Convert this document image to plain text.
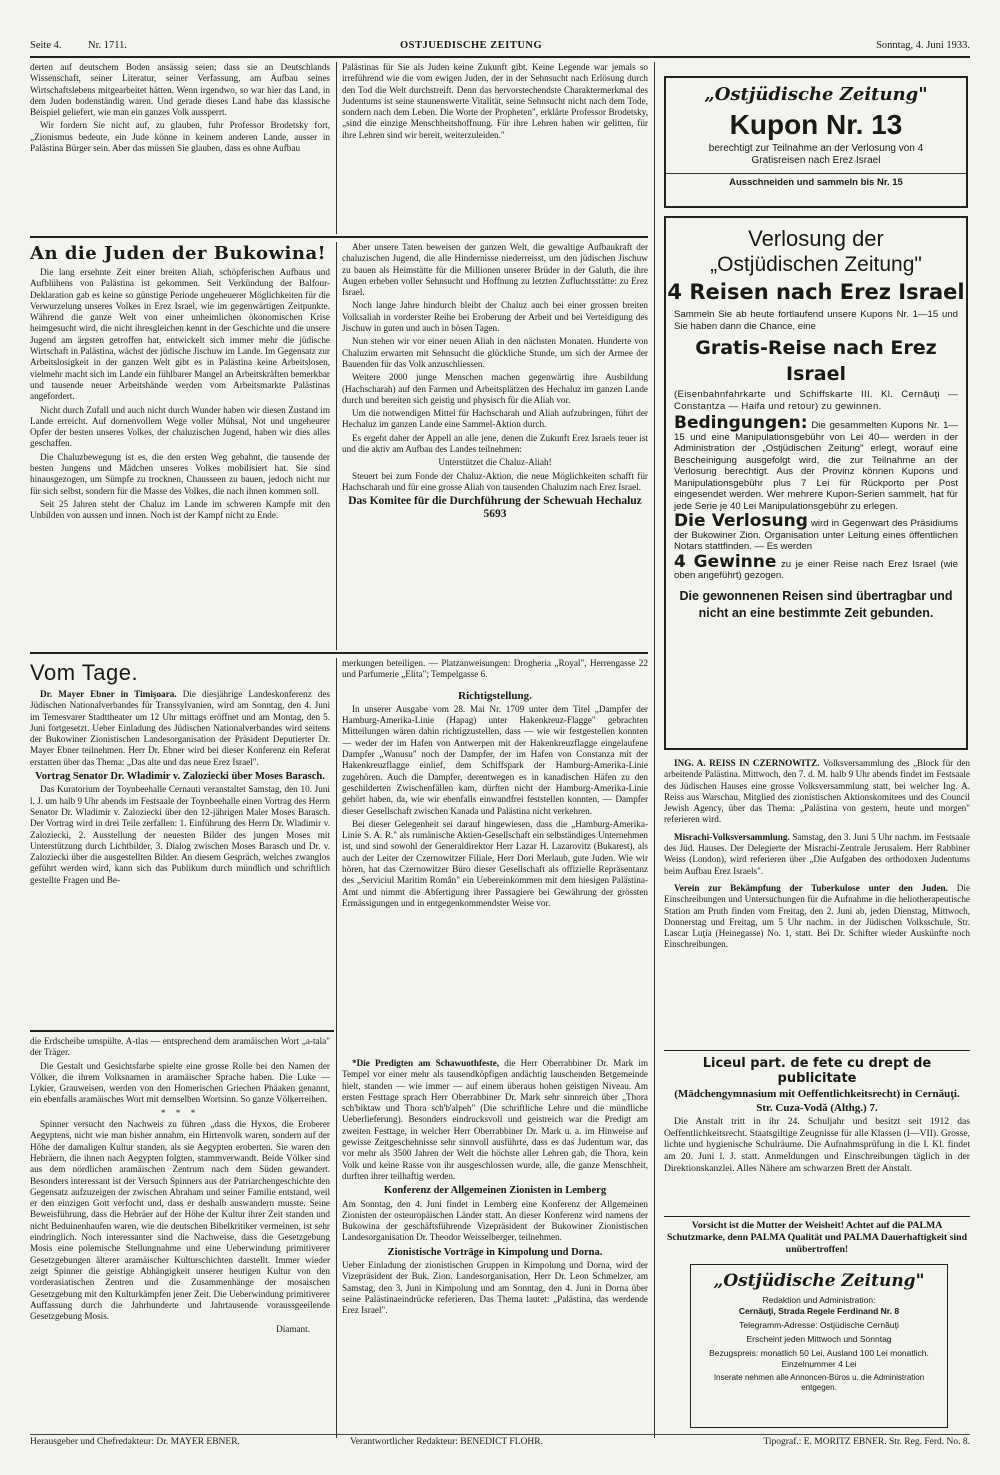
Seite 4.	Nr. 1711.	OSTJUEDISCHE ZEITUNG	Sonntag, 4. Juni 1933.

derten auf deutschem Boden ansässig seien; dass sie an Deutschlands Wissenschaft, seiner Literatur, seiner Verfassung, am Aufbau seines Wirtschaftslebens mitgearbeitet hätten. Wenn irgendwo, so war hier das Land, in dem Juden bodenständig waren. Und gerade dieses Land habe das klassische Beispiel geliefert, wie man ein ganzes Volk aussperrt.

Wir fordern Sie nicht auf, zu glauben, fuhr Professor Brodetsky fort, „Zionismus bedeute, ein Jude könne in keinem anderen Lande, ausser in Palästina Bürger sein. Aber das müssen Sie glauben, dass es ohne Aufbau

Palästinas für Sie als Juden keine Zukunft gibt. Keine Legende war jemals so irreführend wie die vom ewigen Juden, der in der Sehnsucht nach Erlösung durch den Tod die Welt durchstreift. Denn das hervorstechendste Charaktermerkmal des Judentums ist seine staunenswerte Vitalität, seine Sehnsucht nicht nach dem Tode, sondern nach dem Leben. Die Worte der Propheten", erklärte Professor Brodetsky, „sind die einzige Menschheitshoffnung. Für ihre Lehren haben wir gelitten, für ihre Lehren sind wir bereit, weiterzuleiden."

An die Juden der Bukowina!

Die lang ersehnte Zeit einer breiten Aliah, schöpferischen Aufbaus und Aufblühens von Palästina ist gekommen. Seit Verkündung der Balfour-Deklaration gab es keine so günstige Periode ungeheuerer Möglichkeiten für die Verwurzelung unseres Volkes in Erez Israel, wie im gegenwärtigen Zeitpunkte. Während die ganze Welt von einer unheimlichen ökonomischen Krise heimgesucht wird, die nicht ihresgleichen kennt in der Geschichte und die unsere Jugend am ärgsten getroffen hat, entwickelt sich immer mehr die jüdische Wirtschaft in Palästina, wächst der jüdische Jischuw im Lande. Im Gegensatz zur Arbeitslosigkeit in der ganzen Welt gibt es in Palästina keine Arbeitslosen, vielmehr macht sich im Lande ein fühlbarer Mangel an Arbeitskräften bemerkbar und tausende neuer Arbeitshände werden vom Arbeitsmarkte Palästinas angefordert.

Nicht durch Zufall und auch nicht durch Wunder haben wir diesen Zustand im Lande erreicht. Auf dornenvollem Wege voller Mühsal, Not und ungeheurer Opfer der besten unseres Volkes, der chaluzischen Jugend, haben wir dies alles geschaffen.

Die Chaluzbewegung ist es, die den ersten Weg gebahnt, die tausende der besten Jungens und Mädchen unseres Volkes mobilisiert hat. Sie sind hinausgezogen, um Sümpfe zu trocknen, Chausseen zu bauen, jedoch nicht nur für sich selbst, sondern für die Masse des Volkes, die nach ihnen kommen soll.

Seit 25 Jahren steht der Chaluz im Lande im schweren Kampfe mit den Unbilden von aussen und innen. Noch ist der Kampf nicht zu Ende.

Aber unsere Taten beweisen der ganzen Welt, die gewaltige Aufbaukraft der chaluzischen Jugend, die alle Hindernisse niederreisst, um den jüdischen Jischuw zu bauen als Heimstätte für die Millionen unserer Brüder in der Galuth, die ihre Augen erheben voller Sehnsucht und Hoffnung zu letzten Zufluchtsstätte: zu Erez Israel.

Noch lange Jahre hindurch bleibt der Chaluz auch bei einer grossen breiten Volksaliah in vorderster Reihe bei Eroberung der Arbeit und bei Verteidigung des Jischuw in guten und auch in bösen Tagen.

Nun stehen wir vor einer neuen Aliah in den nächsten Monaten. Hunderte von Chaluzim erwarten mit Sehnsucht die glückliche Stunde, um sich der Armee der Bauenden für das Volk anzuschliessen.

Weitere 2000 junge Menschen machen gegenwärtig ihre Ausbildung (Hachscharah) auf den Farmen und Arbeitsplätzen des Hechaluz im ganzen Lande durch und bereiten sich geistig und physisch für die Aliah vor.

Um die notwendigen Mittel für Hachscharah und Aliah aufzubringen, führt der Hechaluz im ganzen Lande eine Sammel-Aktion durch.

Es ergeht daher der Appell an alle jene, denen die Zukunft Erez Israels teuer ist und die aktiv am Aufbau des Landes teilnehmen:

Unterstützet die Chaluz-Aliah!

Steuert bei zum Fonde der Chaluz-Aktion, die neue Möglichkeiten schafft für Hachscharah und für eine grosse Aliah von tausenden Chaluzim nach Erez Israel.

Das Komitee für die Durchführung der Schewuah Hechaluz 5693
Vom Tage.

Dr. Mayer Ebner in Timişoara. Die diesjährige Landeskonferenz des Jüdischen Nationalverbandes für Transsylvanien, wird am Sonntag, den 4. Juni im Temesvarer Stadttheater um 12 Uhr mittags eröffnet und am Montag, den 5. Juni fortgesetzt. Ueber Einladung des Jüdischen Nationalverbandes wird seitens der Bukowiner Zionistischen Landesorganisation der Präsident Deputierter Dr. Mayer Ebner teilnehmen. Herr Dr. Ebner wird bei dieser Konferenz ein Referat erstatten über das Thema: „Das alte und das neue Erez Israel".

Vortrag Senator Dr. Wladimir v. Zaloziecki über Moses Barasch.

Das Kuratorium der Toynbeehalle Cernauti veranstaltet Samstag, den 10. Juni l. J. um halb 9 Uhr abends im Festsaale der Toynbeehalle einen Vortrag des Herrn Senator Dr. Wladimir v. Zaloziecki über den 12-jährigen Maler Moses Barasch. Der Vortrag wird in drei Teile zerfallen: 1. Einführung des Herrn Dr. Wladimir v. Zaloziecki, 2. Ausstellung der neuesten Bilder des jungen Moses mit Unterstützung durch Lichtbilder, 3. Dialog zwischen Moses Barasch und Dr. v. Zaloziecki über die ausgestellten Bilder. An diesem Gespräch, welches zwanglos geführt werden wird, kann sich das Publikum durch mündlich und schriftlich gestellte Fragen und Be-

merkungen beteiligen. — Platzanweisungen: Drogheria „Royal", Herrengasse 22 und Parfumerie „Elita"; Tempelgasse 6.

Richtigstellung.

In unserer Ausgabe vom 28. Mai Nr. 1709 unter dem Titel „Dampfer der Hamburg-Amerika-Linie (Hapag) unter Hakenkreuz-Flagge" gebrachten Mitteilungen wären dahin richtigzustellen, dass — wie wir festgestellen konnten — weder der im Hafen von Antwerpen mit der Hakenkreuzflagge eingelaufene Dampfer „Wanusu" noch der Dampfer, der im Hafen von Constanza mit der Hakenkreuzflagge einlief, dem Schiffspark der Hamburg-Amerika-Linie zugehören. Auch die Dampfer, derentwegen es in kanadischen Häfen zu den geschilderten Zwischenfällen kam, dürften nicht der Hamburg-Amerika-Linie gehört haben, da, wie wir ebenfalls einwandfrei feststellen konnten, — Dampfer dieser Gesellschaft zwischen Kanada und Palästina nicht verkehren.

Bei dieser Gelegenheit sei darauf hingewiesen, dass die „Hamburg-Amerika-Linie S. A. R." als rumänische Aktien-Gesellschaft ein selbständiges Unternehmen ist, und sind sowohl der Generaldirektor Herr Lazar H. Lazarovitz (Bukarest), als auch der Leiter der Czernowitzer Filiale, Herr Dori Merlaub, gute Juden. Wie wir hören, hat das Czernowitzer Büro dieser Gesellschaft als offizielle Repräsentanz des „Serviciul Maritim Român" ein Uebereinkommen mit dem hiesigen Palästina-Amt und nimmt die Abfertigung ihrer Passagiere bei Gewährung der grössten Ermässigungen und in entgegenkommendster Weise vor.

die Erdscheibe umspülte. A-tlas — entsprechend dem aramäischen Wort „a-tala" der Träger.

Die Gestalt und Gesichtsfarbe spielte eine grosse Rolle bei den Namen der Völker, die ihrem Volksnamen in aramäischer Sprache haben. Die Luke — Lykier, Grauweisen, werden von den Homerischen Griechen Phäaken genannt, ein ebenfalls aramäisches Wort mit demselben Wortsinn. So ganze Völkerreihen.

* * *

Spinner versucht den Nachweis zu führen „dass die Hyxos, die Eroberer Aegyptens, nicht wie man bisher annahm, ein Hirtenvolk waren, sondern auf der Höhe der damaligen Kultur standen, als sie Aegypten eroberten. Sie waren den Hebräern, die ihnen nach Aegypten folgten, stammverwandt. Beide Völker sind aus dem nördlichen aramäischen Zentrum nach dem Süden gewandert. Besonders interessant ist der Versuch Spinners aus der Patriarchengeschichte den Gegensatz aufzuzeigen der zwischen Abraham und seiner Familie entstand, weil er den einzigen Gott verfocht und, dass er deshalb auswandern musste. Seine Beweisführung, dass die Hebräer auf der Höhe der Kultur ihrer Zeit standen und nicht Beduinenhaufen waren, wie die deutschen Bibelkritiker vermeinen, ist sehr eindringlich. Noch interessanter sind die Nachweise, dass die Gesetzgebung Mosis eine polemische Stellungnahme und eine Ueberwindung primitiverer Gesetzgebungen älterer aramäischer Kulturschichten darstellt. Immer wieder zeigt Spinner die geistige Abhängigkeit unserer heutigen Kultur von den vorderasiatischen Zentren und die Zusammenhänge der mosaischen Gesetzgebung mit den Kulturkämpfen jener Zeit. Die Ueberwindung primitiverer Auffassung durch die Jahrhunderte und Jahrtausende voraussgeeilende Gesetzgebung Mosis.

Diamant.

*Die Predigten am Schawuothfeste, die Herr Oberrabbiner Dr. Mark im Tempel vor einer mehr als tausendköpfigen andächtig lauschenden Betgemeinde hielt, standen — wie immer — auf einem überaus hohen geistigen Niveau. Am ersten Festtage sprach Herr Oberrabbiner Dr. Mark sehr sinnreich über „Thora sch'biktaw und Thora sch'b'alpeh" (Die schriftliche Lehre und die mündliche Ueberlieferung). Besonders eindrucksvoll und geistreich war die Predigt am zweiten Festtage, in welcher Herr Oberrabbiner Dr. Mark u. a. im Hinweise auf gewisse Zeitgeschehnisse sehr sinnvoll ausführte, dass es das Judentum war, das vor mehr als 3500 Jahren der Welt die höchste aller Lehren gab, die Thora, kein Volk und keine Rasse von ihr ausgeschlossen wurde, alle, die ganze Menschheit, durften ihrer teilhaftig werden.

Konferenz der Allgemeinen Zionisten in Lemberg

Am Sonntag, den 4. Juni findet in Lemberg eine Konferenz der Allgemeinen Zionisten der osteuropäischen Länder statt. An dieser Konferenz wird namens der Bukowina der geschäftsführende Vizepräsident der Bukowiner Zionistischen Landesorganisation Dr. Theodor Weisselberger, teilnehmen.

Zionistische Vorträge in Kimpolung und Dorna.

Ueber Einladung der zionistischen Gruppen in Kimpolung und Dorna, wird der Vizepräsident der Buk. Zion. Landesorganisation, Herr Dr. Leon Schmelzer, am Samstag, den 3. Juni in Kimpolung und am Sonntag, den 4. Juni in Dorna über seine Palästinaeindrücke referieren. Das Thema lautet: „Palästina, das werdende Erez Israel".

„Ostjüdische Zeitung"
Kupon Nr. 13
berechtigt zur Teilnahme an der Verlosung von 4 Gratisreisen nach Erez Israel
Ausschneiden und sammeln bis Nr. 15
Verlosung der
„Ostjüdischen Zeitung"
4 Reisen nach Erez Israel
Sammeln Sie ab heute fortlaufend unsere Kupons Nr. 1—15 und Sie haben dann die Chance, eine
Gratis-Reise nach Erez Israel
(Eisenbahnfahrkarte und Schiffskarte III. Kl. Cernăuţi — Constantza — Haifa und retour) zu gewinnen.
Bedingungen: Die gesammelten Kupons Nr. 1—15 und eine Manipulationsgebühr von Lei 40— werden in der Administration der „Ostjüdischen Zeitung" erlegt, worauf eine Bescheinigung ausgefolgt wird, die zur Teilnahme an der Verlosung berechtigt. Aus der Provinz können Kupons und Manipulationsgebühr plus 7 Lei für Rückporto per Post eingesendet werden. Wer mehrere Kupon-Serien sammelt, hat für jede Serie je 40 Lei Manipulationsgebühr zu erlegen.
Die Verlosung wird in Gegenwart des Präsidiums der Bukowiner Zion. Organisation unter Leitung eines öffentlichen Notars stattfinden. — Es werden
4 Gewinne zu je einer Reise nach Erez Israel (wie oben angeführt) gezogen.
Die gewonnenen Reisen sind übertragbar und nicht an eine bestimmte Zeit gebunden.

ING. A. REISS IN CZERNOWITZ. Volksversammlung des „Block für den arbeitende Palästina. Mittwoch, den 7. d. M. halb 9 Uhr abends findet im Festsaale des Jüdischen Hauses eine grosse Volksversammlung statt, bei welcher Ing. A. Reiss aus Warschau, Mitglied des zionistischen Aktionskomitees und des Council Jewish Agency, über das Thema: „Palästina von gestern, heute und morgen" referieren wird.

Misrachi-Volksversammlung. Samstag, den 3. Juni 5 Uhr nachm. im Festsaale des Jüd. Hauses. Der Delegierte der Misrachi-Zentrale Jerusalem. Herr Rabbiner Weiss (London), wird referieren über „Die Aufgaben des orthodoxen Judentums beim Aufbau Erez Israels".

Verein zur Bekämpfung der Tuberkulose unter den Juden. Die Einschreibungen und Untersuchungen für die Aufnahme in die heliotherapeutische Station am Pruth finden vom Freitag, den 2. Juni ab, jeden Dienstag, Mittwoch, Donnerstag und Freitag, um 5 Uhr nachm. in der Jüdischen Volksschule, Str. Lascar Luţia (Heinegasse) No. 1, statt. Bei Dr. Schifter wieder Auskünfte noch Einschreibungen.

Liceul part. de fete cu drept de publicitate
(Mädchengymnasium mit Oeffentlichkeitsrecht) in Cernăuţi.
Str. Cuza-Vodă (Althg.) 7.

Die Anstalt tritt in ihr 24. Schuljahr und besitzt seit 1912 das Oeffentlichkeitsrecht. Staatsgiltige Zeugnisse für alle Klassen (I—VII). Grosse, lichte und hygienische Schulräume. Die Aufnahmsprüfung in die I. Kl. findet am 20. Juni l. J. statt. Anmeldungen und Einschreibungen täglich in der Direktionskanzlei. Alles Nähere am schwarzen Brett der Anstalt.

Vorsicht ist die Mutter der Weisheit! Achtet auf die PALMA Schutzmarke, denn PALMA Qualität und PALMA Dauerhaftigkeit sind unübertroffen!

„Ostjüdische Zeitung"
Redaktion und Administration:
Cernăuţi, Strada Regele Ferdinand Nr. 8
Telegramm-Adresse: Ostjüdische Cernăuţi
Erscheint jeden Mittwoch und Sonntag
Bezugspreis: monatlich 50 Lei, Ausland 100 Lei monatlich. Einzelnummer 4 Lei
Inserate nehmen alle Annoncen-Büros u. die Administration entgegen.
Herausgeber und Chefredakteur: Dr. MAYER EBNER.	Verantwortlicher Redakteur: BENEDICT FLOHR.	Tipograf.: E. MORITZ EBNER. Str. Reg. Ferd. No. 8.
